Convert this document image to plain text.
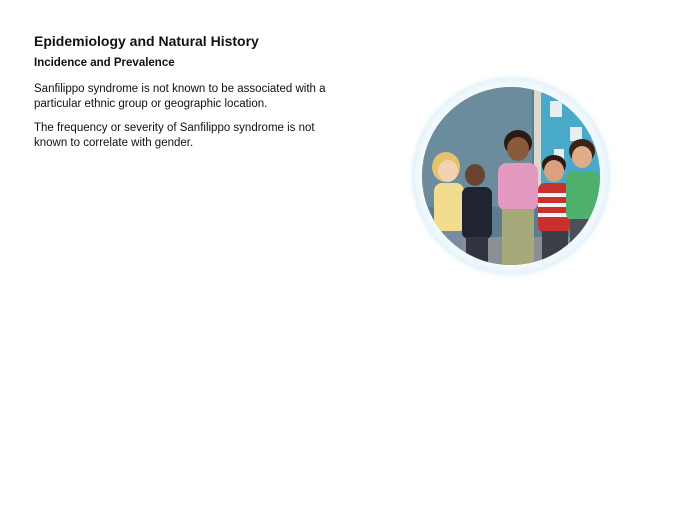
Epidemiology and Natural History
Incidence and Prevalence

Sanfilippo syndrome is not known to be associated with a particular ethnic group or geographic location.

The frequency or severity of Sanfilippo syndrome is not known to correlate with gender.
